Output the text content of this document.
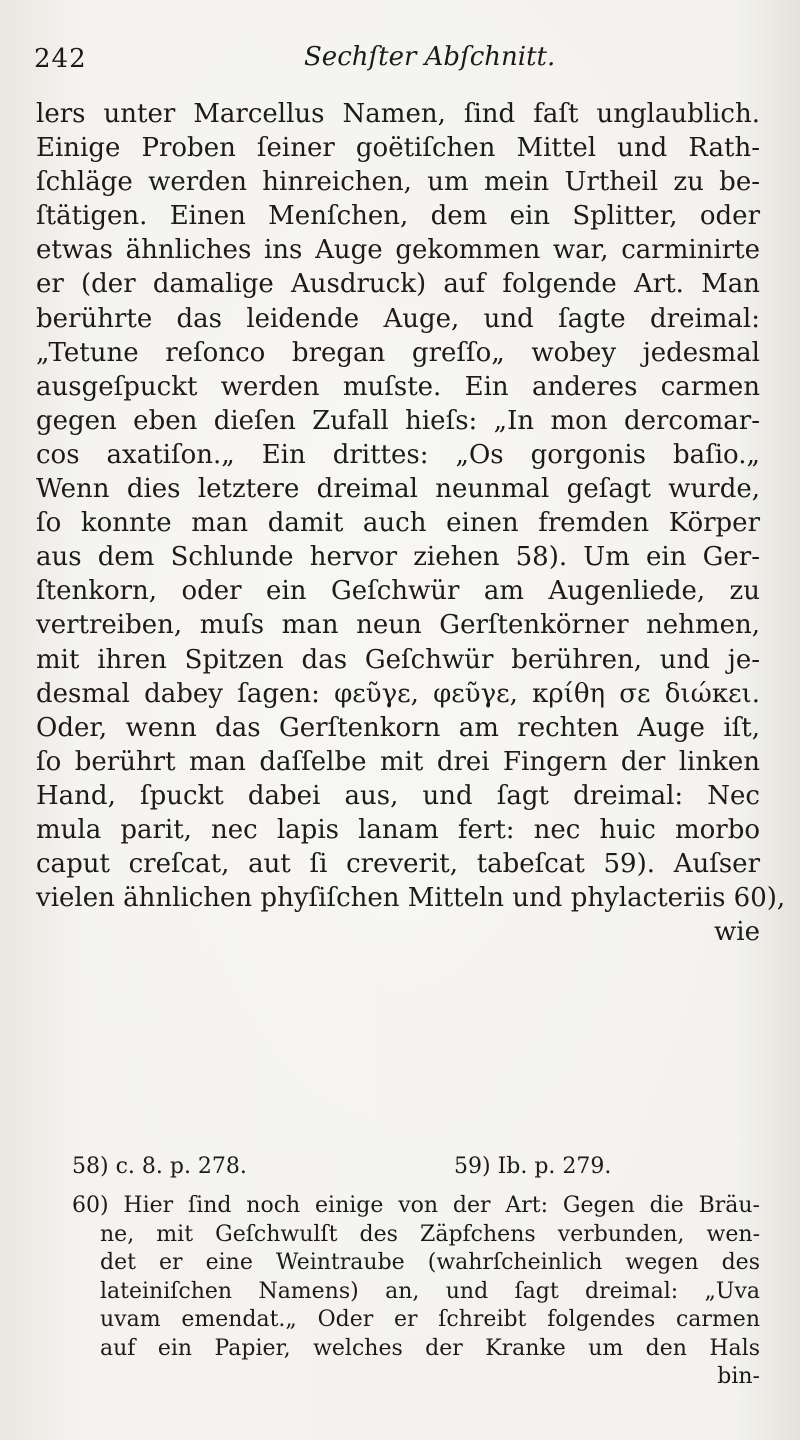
242	Sechſter Abſchnitt.
lers unter Marcellus Namen, ſind faſt unglaublich.
Einige Proben ſeiner goëtiſchen Mittel und Rath-
ſchläge werden hinreichen, um mein Urtheil zu be-
ſtätigen. Einen Menſchen, dem ein Splitter, oder
etwas ähnliches ins Auge gekommen war, carminirte
er (der damalige Ausdruck) auf folgende Art. Man
berührte das leidende Auge, und ſagte dreimal:
„Tetune reſonco bregan greſſo„ wobey jedesmal
ausgeſpuckt werden muſste. Ein anderes carmen
gegen eben dieſen Zufall hieſs: „In mon dercomar-
cos axatiſon.„ Ein drittes: „Os gorgonis baſio.„
Wenn dies letztere dreimal neunmal geſagt wurde,
ſo konnte man damit auch einen fremden Körper
aus dem Schlunde hervor ziehen 58). Um ein Ger-
ſtenkorn, oder ein Geſchwür am Augenliede, zu
vertreiben, muſs man neun Gerſtenkörner nehmen,
mit ihren Spitzen das Geſchwür berühren, und je-
desmal dabey ſagen: φεῦγε, φεῦγε, κρίθη σε διώκει.
Oder, wenn das Gerſtenkorn am rechten Auge iſt,
ſo berührt man daſſelbe mit drei Fingern der linken
Hand, ſpuckt dabei aus, und ſagt dreimal: Nec
mula parit, nec lapis lanam fert: nec huic morbo
caput creſcat, aut ſi creverit, tabeſcat 59). Auſser
vielen ähnlichen phyſiſchen Mitteln und phylacteriis 60),
wie
58) c. 8. p. 278.	59) Ib. p. 279.
60) Hier ſind noch einige von der Art: Gegen die Bräu-
ne, mit Geſchwulſt des Zäpfchens verbunden, wen-
det er eine Weintraube (wahrſcheinlich wegen des
lateiniſchen Namens) an, und ſagt dreimal: „Uva
uvam emendat.„ Oder er ſchreibt folgendes carmen
auf ein Papier, welches der Kranke um den Hals
bin-
